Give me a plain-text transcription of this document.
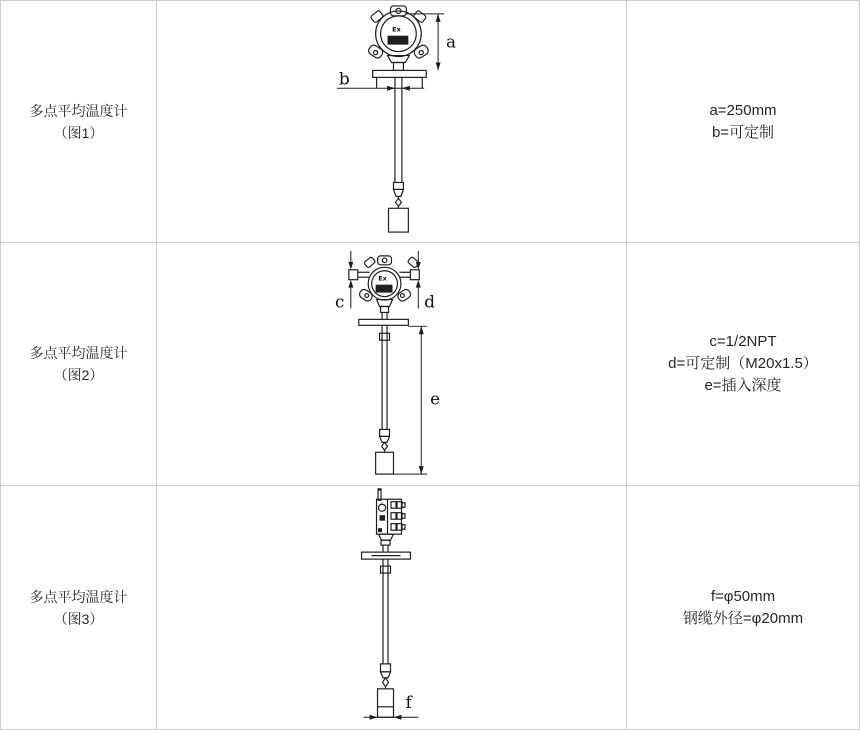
多点平均温度计
（图1）
Ex
a
b
a=250mm
b=可定制
多点平均温度计
（图2）
Ex
c	d
e
c=1/2NPT
d=可定制（M20x1.5）
e=插入深度
多点平均温度计
（图3）
f
f=φ50mm
钢缆外径=φ20mm
